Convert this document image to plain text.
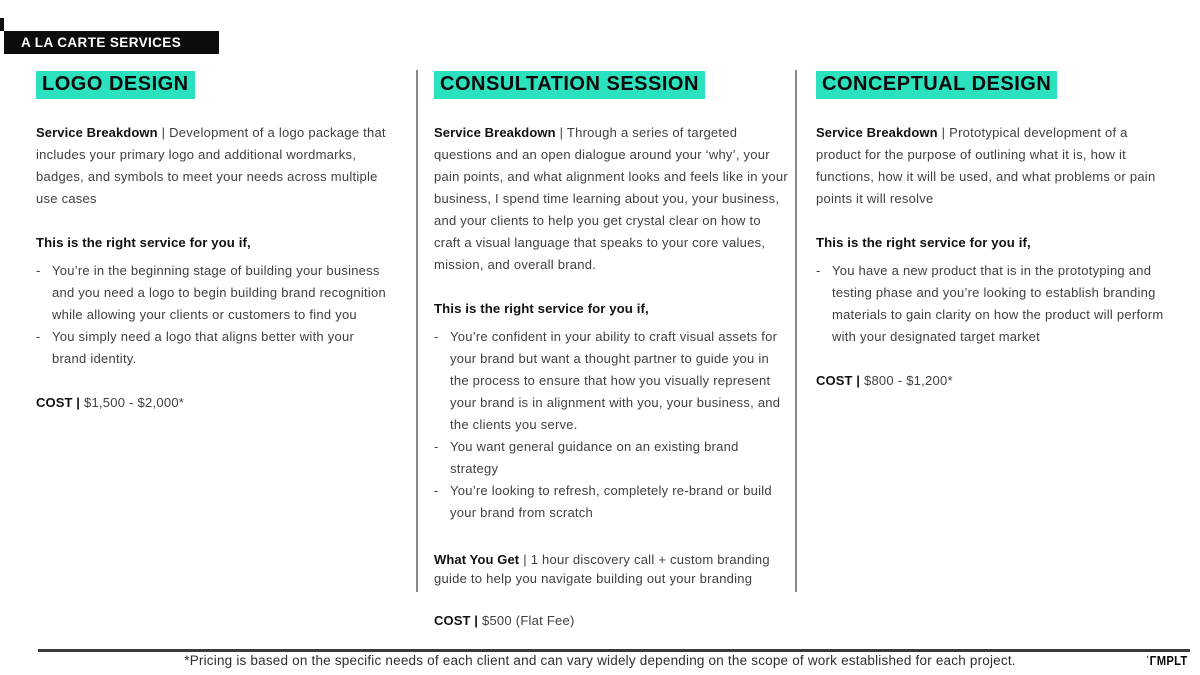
A LA CARTE SERVICES
LOGO DESIGN

Service Breakdown | Development of a logo package that includes your primary logo and additional wordmarks, badges, and symbols to meet your needs across multiple use cases

This is the right service for you if,

- You’re in the beginning stage of building your business and you need a logo to begin building brand recognition while allowing your clients or customers to find you
- You simply need a logo that aligns better with your brand identity.

COST | $1,500 - $2,000*

CONSULTATION SESSION

Service Breakdown | Through a series of targeted questions and an open dialogue around your ‘why’, your pain points, and what alignment looks and feels like in your business, I spend time learning about you, your business, and your clients to help you get crystal clear on how to craft a visual language that speaks to your core values, mission, and overall brand.

This is the right service for you if,

- You’re confident in your ability to craft visual assets for your brand but want a thought partner to guide you in the process to ensure that how you visually represent your brand is in alignment with you, your business, and the clients you serve.
- You want general guidance on an existing brand strategy
- You’re looking to refresh, completely re-brand or build your brand from scratch

What You Get | 1 hour discovery call + custom branding guide to help you navigate building out your branding

COST | $500 (Flat Fee)

CONCEPTUAL DESIGN

Service Breakdown | Prototypical development of a product for the purpose of outlining what it is, how it functions, how it will be used, and what problems or pain points it will resolve

This is the right service for you if,

- You have a new product that is in the prototyping and testing phase and you’re looking to establish branding materials to gain clarity on how the product will perform with your designated target market

COST | $800 - $1,200*

*Pricing is based on the specific needs of each client and can vary widely depending on the scope of work established for each project.	ˈΓMPLT
